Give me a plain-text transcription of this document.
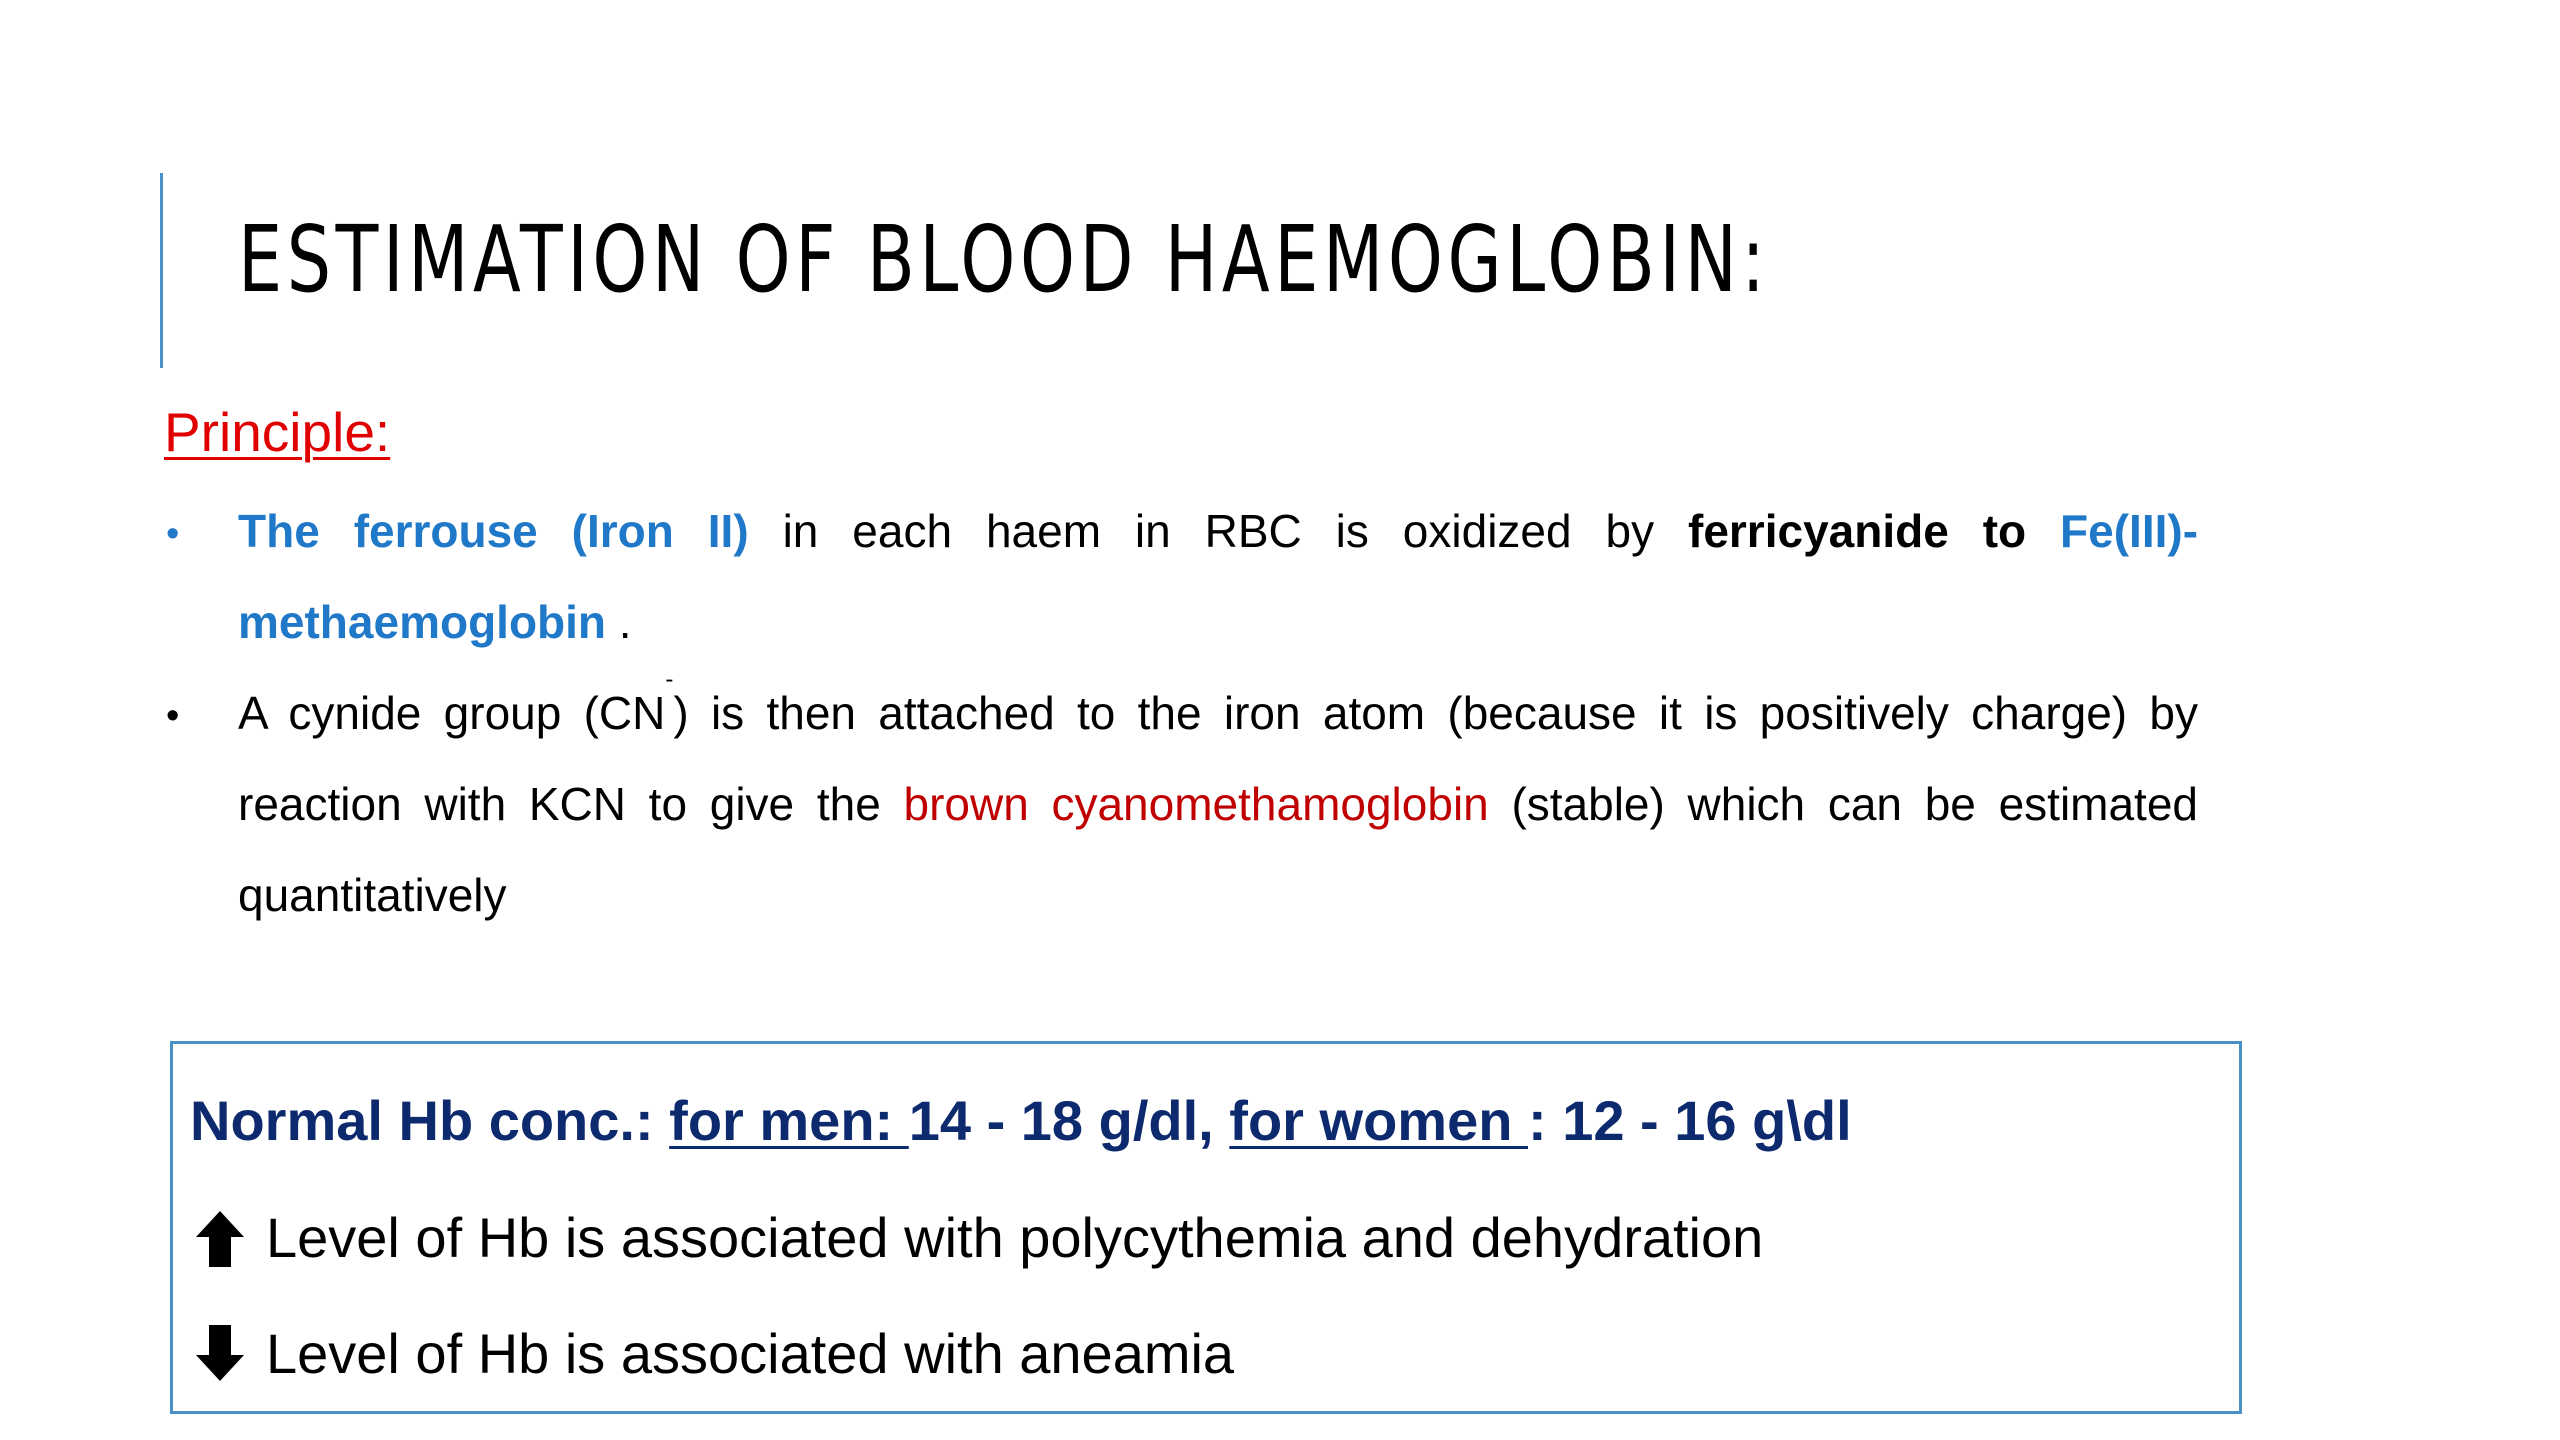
ESTIMATION OF BLOOD HAEMOGLOBIN:
Principle:
• The ferrouse (Iron II) in each haem in RBC is oxidized by ferricyanide to Fe(III)-methaemoglobin .
• A cynide group (CN-) is then attached to the iron atom (because it is positively charge) by reaction with KCN to give the brown cyanomethamoglobin (stable) which can be estimated quantitatively
Normal Hb conc.: for men: 14 - 18 g/dl, for women : 12 - 16 g\dl
Level of Hb is associated with polycythemia and dehydration
Level of Hb is associated with aneamia
